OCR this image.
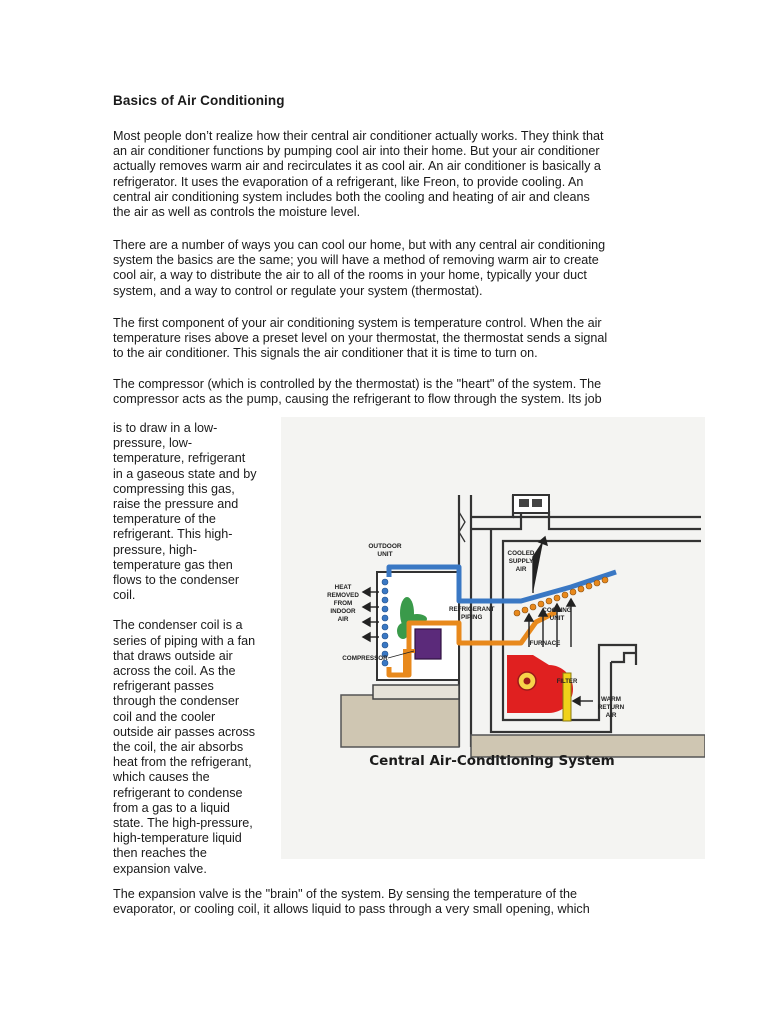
Basics of Air Conditioning

Most people don’t realize how their central air conditioner actually works. They think that
an air conditioner functions by pumping cool air into their home. But your air conditioner
actually removes warm air and recirculates it as cool air. An air conditioner is basically a
refrigerator. It uses the evaporation of a refrigerant, like Freon, to provide cooling. An
central air conditioning system includes both the cooling and heating of air and cleans
the air as well as controls the moisture level.

There are a number of ways you can cool our home, but with any central air conditioning
system the basics are the same; you will have a method of removing warm air to create
cool air, a way to distribute the air to all of the rooms in your home, typically your duct
system, and a way to control or regulate your system (thermostat).

The first component of your air conditioning system is temperature control. When the air
temperature rises above a preset level on your thermostat, the thermostat sends a signal
to the air conditioner. This signals the air conditioner that it is time to turn on.

The compressor (which is controlled by the thermostat) is the "heart" of the system. The
compressor acts as the pump, causing the refrigerant to flow through the system. Its job

is to draw in a low-
pressure, low-
temperature, refrigerant
in a gaseous state and by
compressing this gas,
raise the pressure and
temperature of the
refrigerant. This high-
pressure, high-
temperature gas then
flows to the condenser
coil.
The condenser coil is a
series of piping with a fan
that draws outside air
across the coil. As the
refrigerant passes
through the condenser
coil and the cooler
outside air passes across
the coil, the air absorbs
heat from the refrigerant,
which causes the
refrigerant to condense
from a gas to a liquid
state. The high-pressure,
high-temperature liquid
then reaches the
expansion valve.
OUTDOOR
UNIT
HEAT
REMOVED
FROM
INDOOR
AIR
COMPRESSOR
REFRIGERANT
PIPING
COOLED
SUPPLY
AIR
COOLING
UNIT
FURNACE
FILTER
WARM
RETURN
AIR
Central Air-Conditioning System

The expansion valve is the "brain" of the system. By sensing the temperature of the
evaporator, or cooling coil, it allows liquid to pass through a very small opening, which
